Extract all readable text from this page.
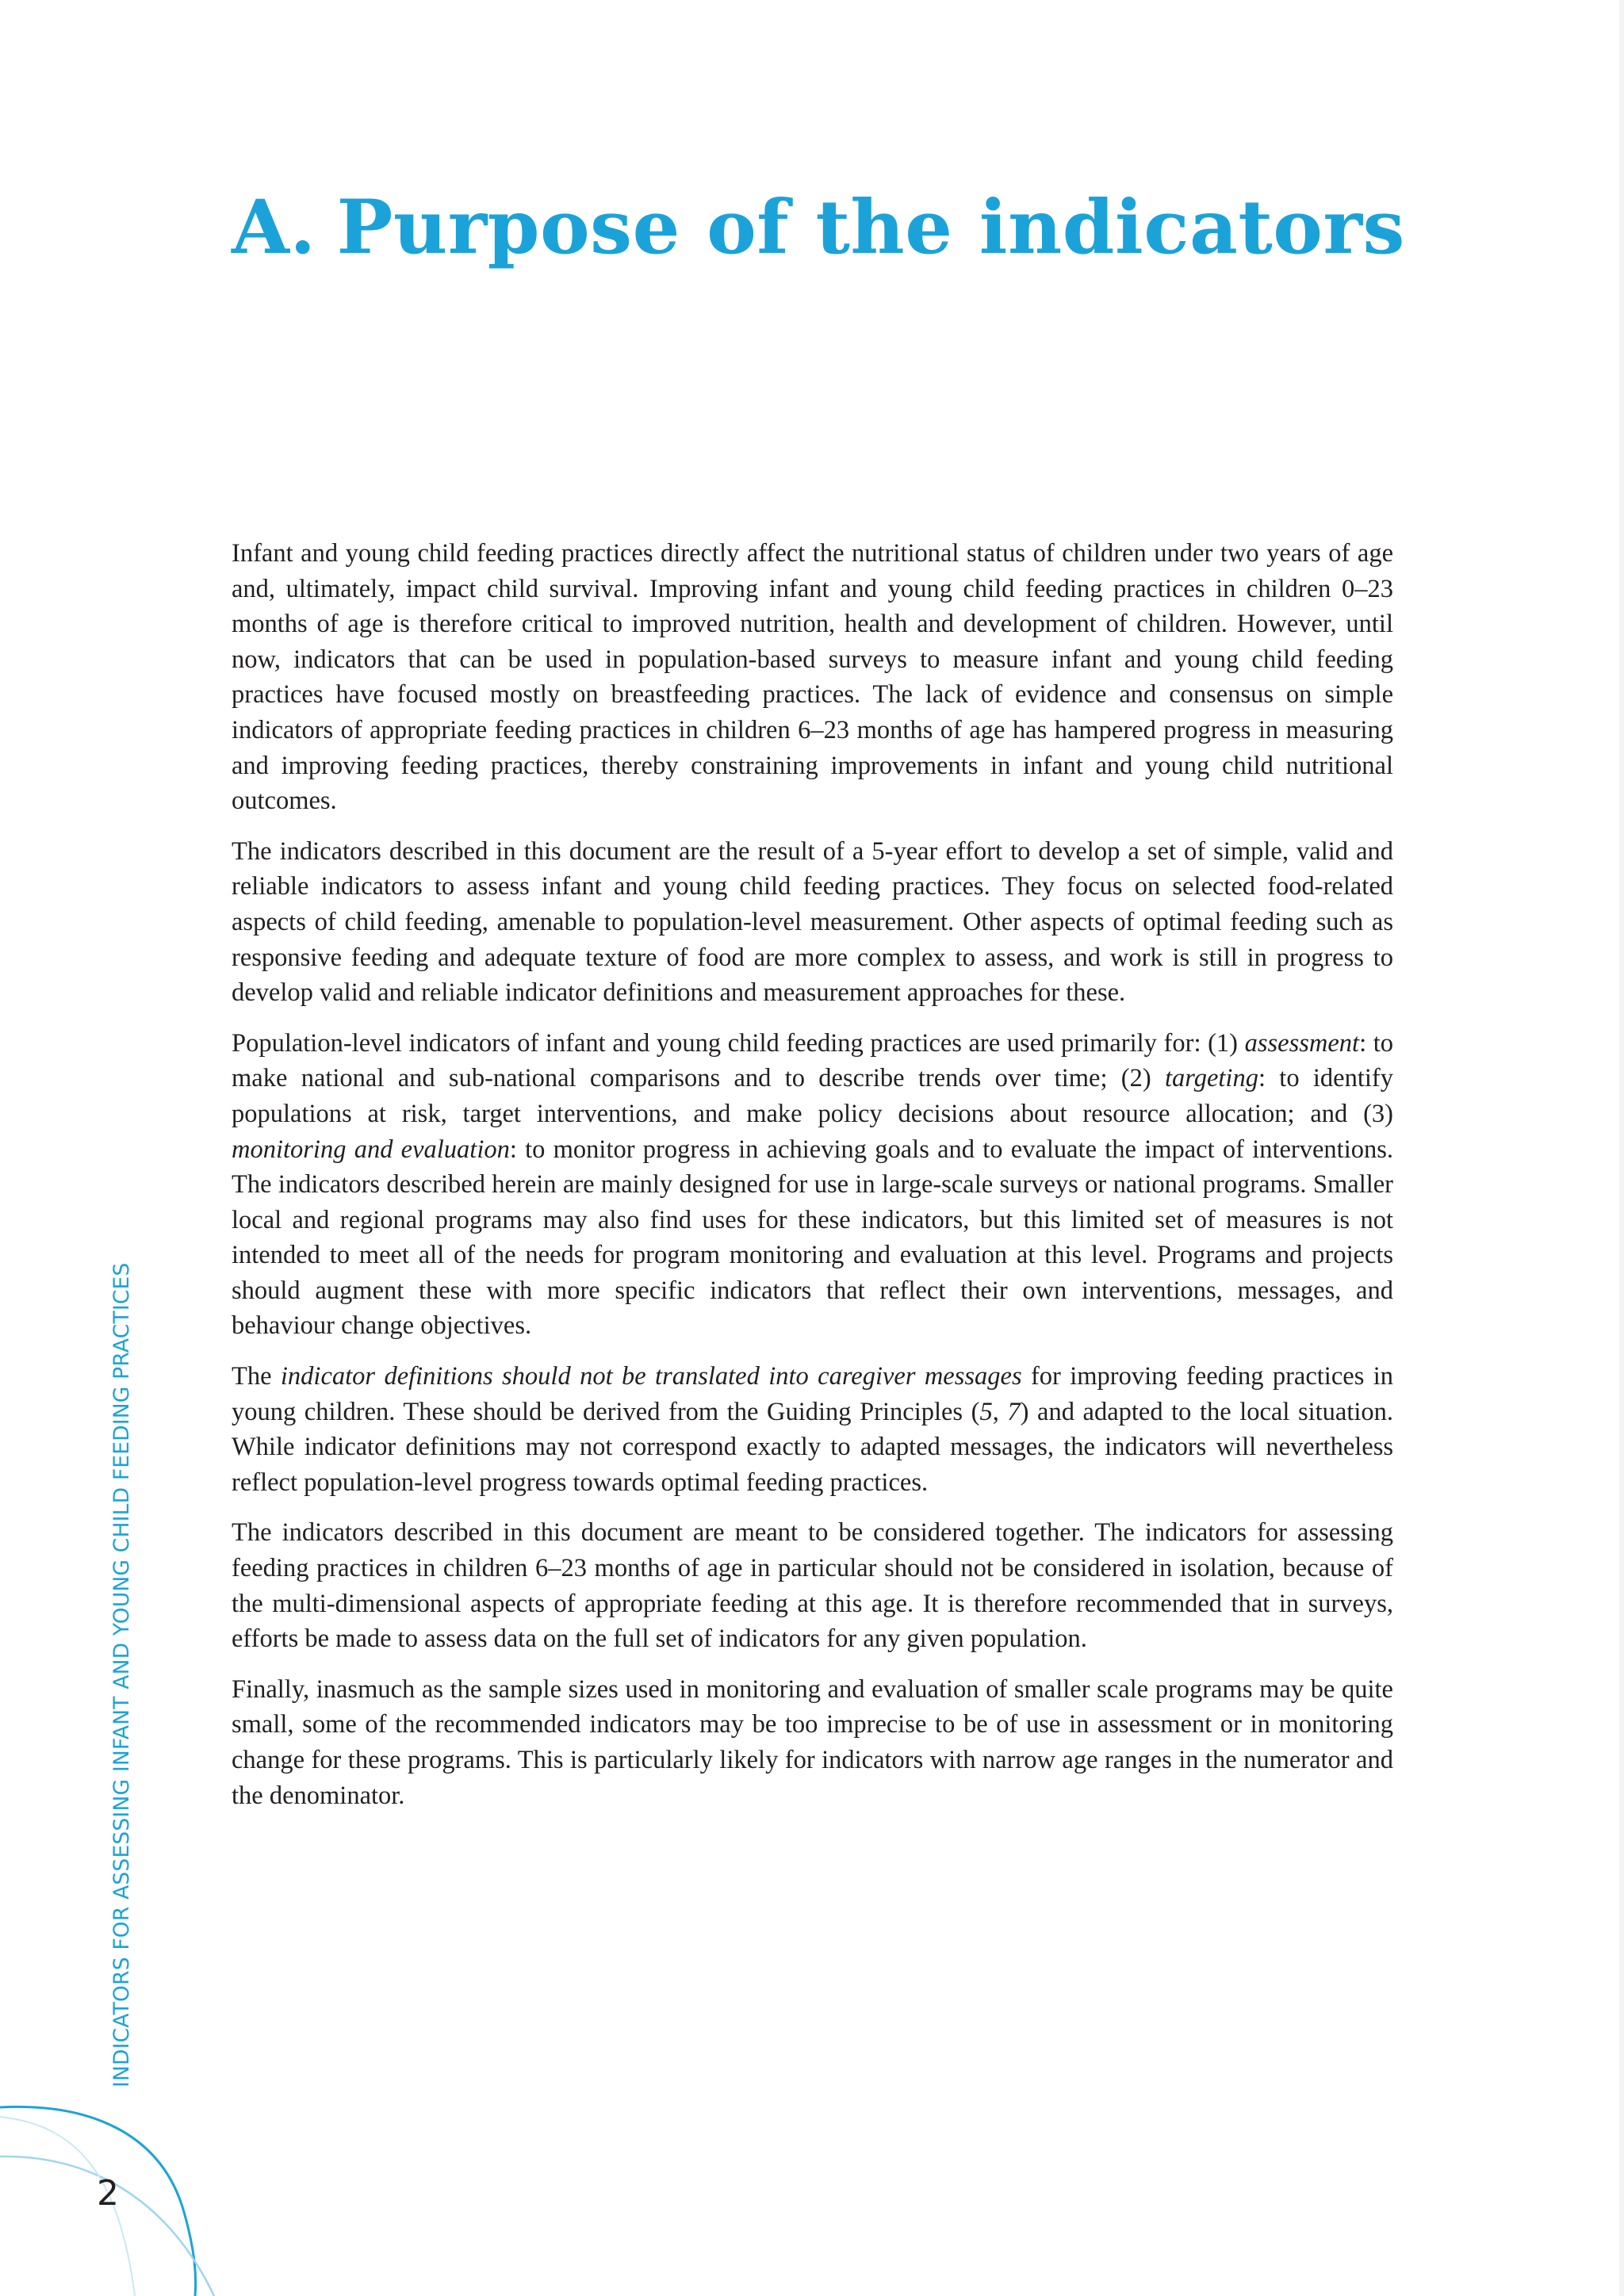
A. Purpose of the indicators

Infant and young child feeding practices directly affect the nutritional status of children under two years of age and, ultimately, impact child survival. Improving infant and young child feeding practices in children 0–23 months of age is therefore critical to improved nutrition, health and development of children. However, until now, indicators that can be used in population-based surveys to measure infant and young child feeding practices have focused mostly on breastfeeding practices. The lack of evidence and consensus on simple indicators of appropriate feeding practices in children 6–23 months of age has hampered progress in measuring and improving feeding practices, thereby constraining improvements in infant and young child nutritional outcomes.

The indicators described in this document are the result of a 5-year effort to develop a set of simple, valid and reliable indicators to assess infant and young child feeding practices. They focus on selected food-related aspects of child feeding, amenable to population-level measurement. Other aspects of optimal feeding such as responsive feeding and adequate texture of food are more complex to assess, and work is still in progress to develop valid and reliable indicator definitions and measurement approaches for these.

Population-level indicators of infant and young child feeding practices are used primarily for: (1) assessment: to make national and sub-national comparisons and to describe trends over time; (2) targeting: to identify populations at risk, target interventions, and make policy decisions about resource allocation; and (3) monitoring and evaluation: to monitor progress in achieving goals and to evaluate the impact of interventions. The indicators described herein are mainly designed for use in large-scale surveys or national programs. Smaller local and regional programs may also find uses for these indicators, but this limited set of measures is not intended to meet all of the needs for program monitoring and evaluation at this level. Programs and projects should augment these with more specific indicators that reflect their own interventions, messages, and behaviour change objectives.

The indicator definitions should not be translated into caregiver messages for improving feeding practices in young children. These should be derived from the Guiding Principles (5, 7) and adapted to the local situation. While indicator definitions may not correspond exactly to adapted messages, the indicators will nevertheless reflect population-level progress towards optimal feeding practices.

The indicators described in this document are meant to be considered together. The indicators for assessing feeding practices in children 6–23 months of age in particular should not be considered in isolation, because of the multi-dimensional aspects of appropriate feeding at this age. It is therefore recommended that in surveys, efforts be made to assess data on the full set of indicators for any given population.

Finally, inasmuch as the sample sizes used in monitoring and evaluation of smaller scale programs may be quite small, some of the recommended indicators may be too imprecise to be of use in assessment or in monitoring change for these programs. This is particularly likely for indicators with narrow age ranges in the numerator and the denominator.

INDICATORS FOR ASSESSING INFANT AND YOUNG CHILD FEEDING PRACTICES
2
